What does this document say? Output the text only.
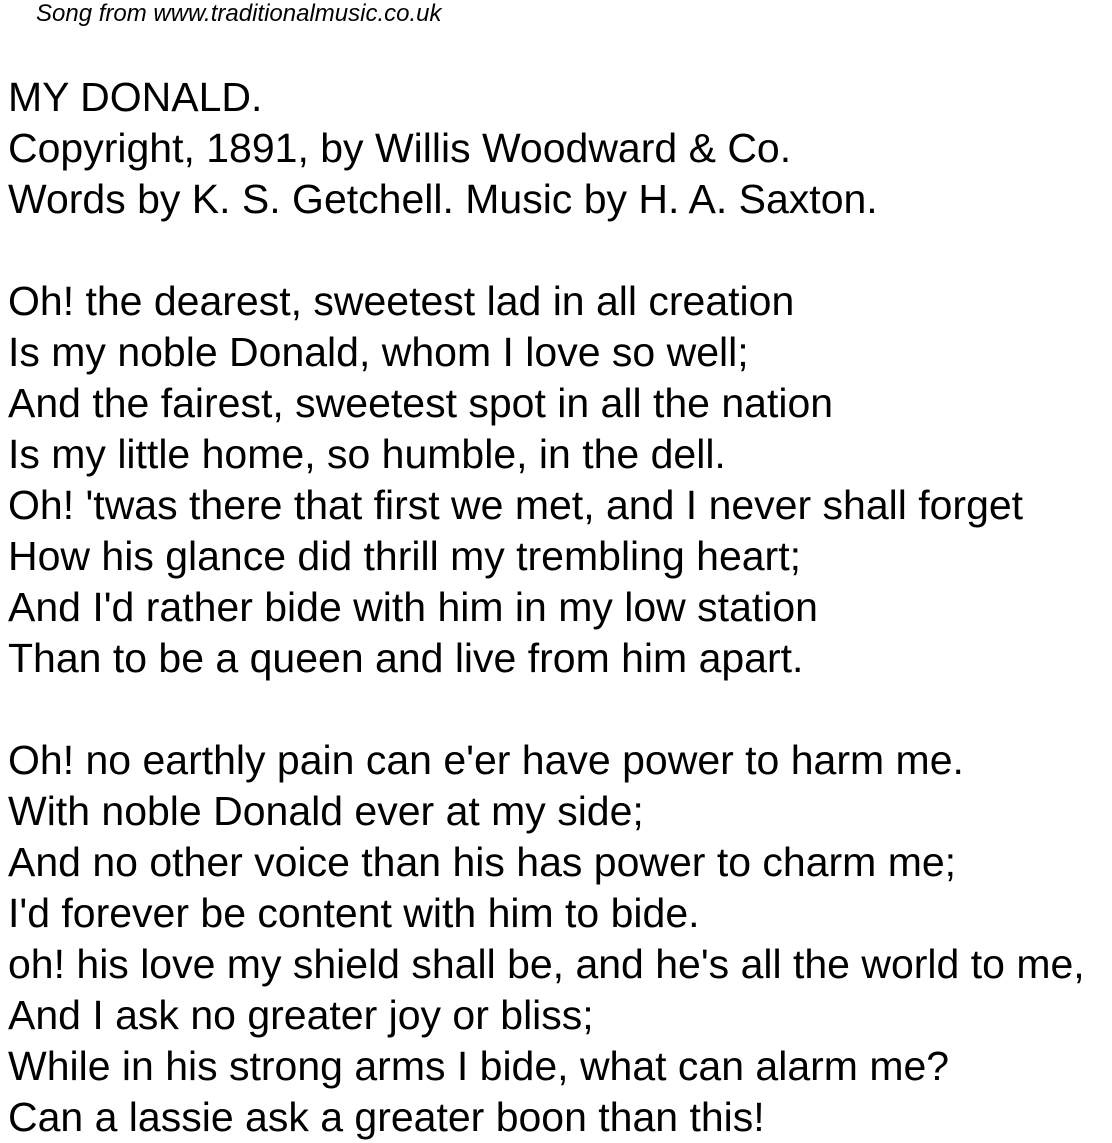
Song from www.traditionalmusic.co.uk
MY DONALD.
Copyright, 1891, by Willis Woodward & Co.
Words by K. S. Getchell. Music by H. A. Saxton.
Oh! the dearest, sweetest lad in all creation
Is my noble Donald, whom I love so well;
And the fairest, sweetest spot in all the nation
Is my little home, so humble, in the dell.
Oh! 'twas there that first we met, and I never shall forget
How his glance did thrill my trembling heart;
And I'd rather bide with him in my low station
Than to be a queen and live from him apart.
Oh! no earthly pain can e'er have power to harm me.
With noble Donald ever at my side;
And no other voice than his has power to charm me;
I'd forever be content with him to bide.
oh! his love my shield shall be, and he's all the world to me,
And I ask no greater joy or bliss;
While in his strong arms I bide, what can alarm me?
Can a lassie ask a greater boon than this!
